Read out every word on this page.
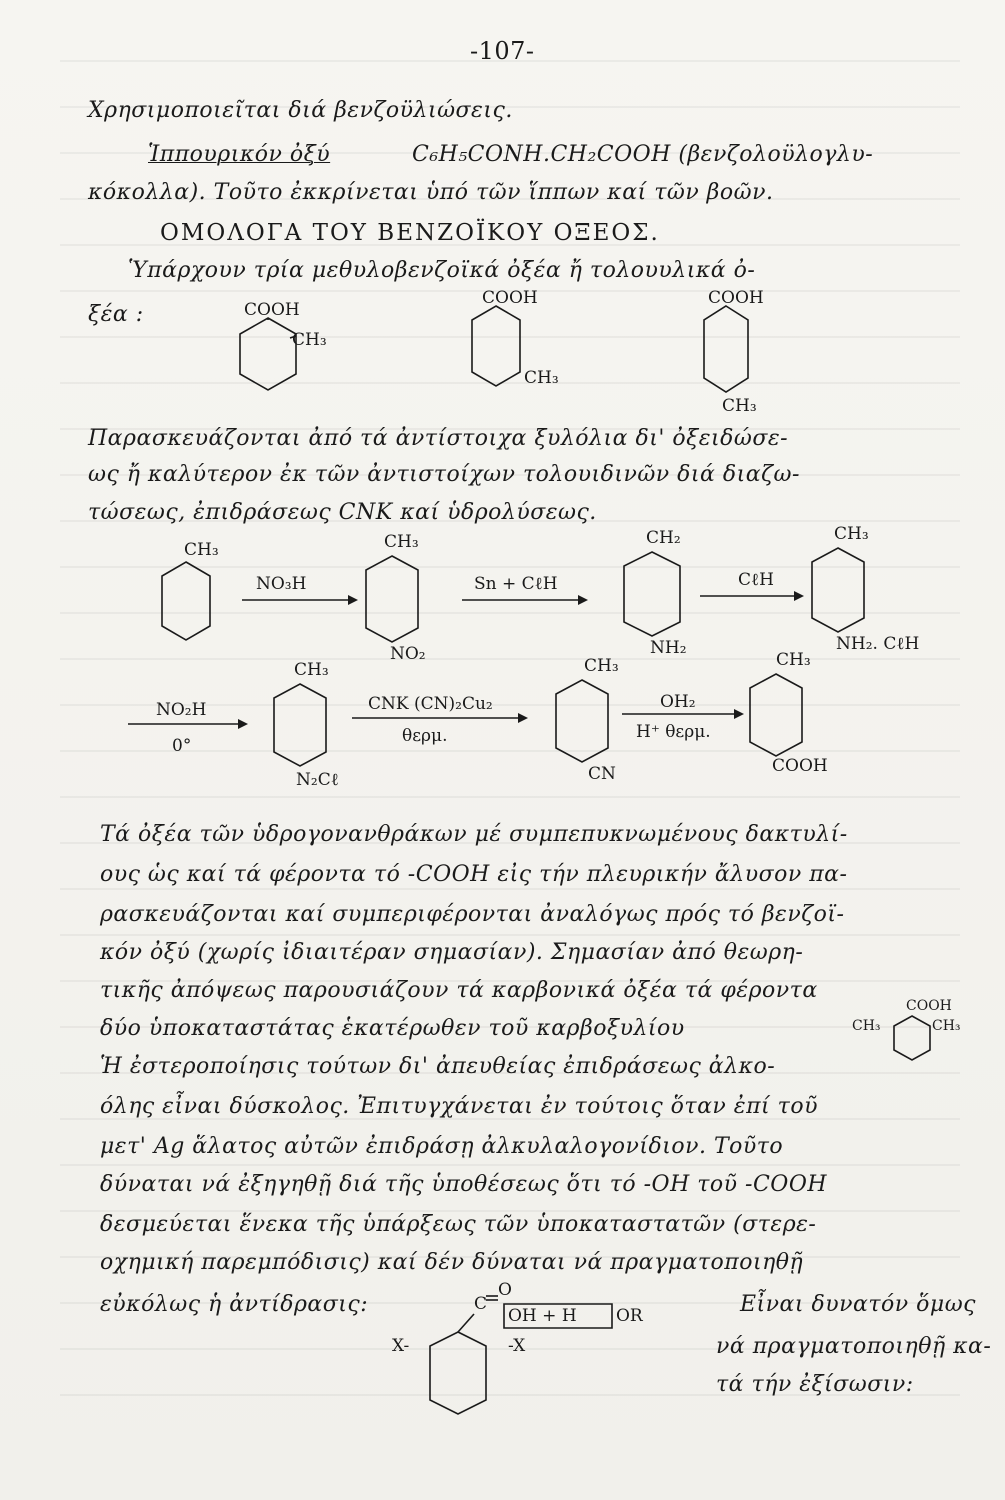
-107-
Χρησιμοποιεῖται διά βενζοϋλιώσεις.
Ἱππουρικόν ὀξύ	C₆H₅CONH.CH₂COOH (βενζολοϋλογλυ-
κόκολλα). Τοῦτο ἐκκρίνεται ὑπό τῶν ἵππων καί τῶν βοῶν.
ΟΜΟΛΟΓΑ ΤΟΥ ΒΕΝΖΟΪΚΟΥ ΟΞΕΟΣ.
Ὑπάρχουν τρία μεθυλοβενζοϊκά ὀξέα ἤ τολουυλικά ὀ-
ξέα :	COOH
CH₃
COOH
CH₃
COOH
CH₃
Παρασκευάζονται ἀπό τά ἀντίστοιχα ξυλόλια δι' ὀξειδώσε-
ως ἤ καλύτερον ἐκ τῶν ἀντιστοίχων τολουιδινῶν διά διαζω-
τώσεως, ἐπιδράσεως CNK καί ὑδρολύσεως.
CH₃
NO₃H
CH₃
NO₂
Sn + CℓH
CH₂
NH₂
CℓH
CH₃
NH₂. CℓH
NO₂H
0°
CH₃
N₂Cℓ
CNK (CN)₂Cu₂
θερμ.
CH₃
CN
OH₂
H⁺ θερμ.
CH₃
COOH
Τά ὀξέα τῶν ὑδρογονανθράκων μέ συμπεπυκνωμένους δακτυλί-
ους ὡς καί τά φέροντα τό -COOH εἰς τήν πλευρικήν ἄλυσον πα-
ρασκευάζονται καί συμπεριφέρονται ἀναλόγως πρός τό βενζοϊ-
κόν ὀξύ (χωρίς ἰδιαιτέραν σημασίαν). Σημασίαν ἀπό θεωρη-
τικῆς ἀπόψεως παρουσιάζουν τά καρβονικά ὀξέα τά φέροντα
δύο ὑποκαταστάτας ἑκατέρωθεν τοῦ καρβοξυλίου
Ἡ ἐστεροποίησις τούτων δι' ἀπευθείας ἐπιδράσεως ἀλκο-
όλης εἶναι δύσκολος. Ἐπιτυγχάνεται ἐν τούτοις ὅταν ἐπί τοῦ
μετ' Ag ἅλατος αὐτῶν ἐπιδράσῃ ἀλκυλαλογονίδιον. Τοῦτο
δύναται νά ἐξηγηθῇ διά τῆς ὑποθέσεως ὅτι τό -OH τοῦ -COOH
δεσμεύεται ἕνεκα τῆς ὑπάρξεως τῶν ὑποκαταστατῶν (στερε-
οχημική παρεμπόδισις) καί δέν δύναται νά πραγματοποιηθῇ
εὐκόλως ἡ ἀντίδρασις:	Εἶναι δυνατόν ὅμως
νά πραγματοποιηθῇ κα-
τά τήν ἐξίσωσιν:
COOH
CH₃	CH₃
C
O
OH + H OR
X-	-X
